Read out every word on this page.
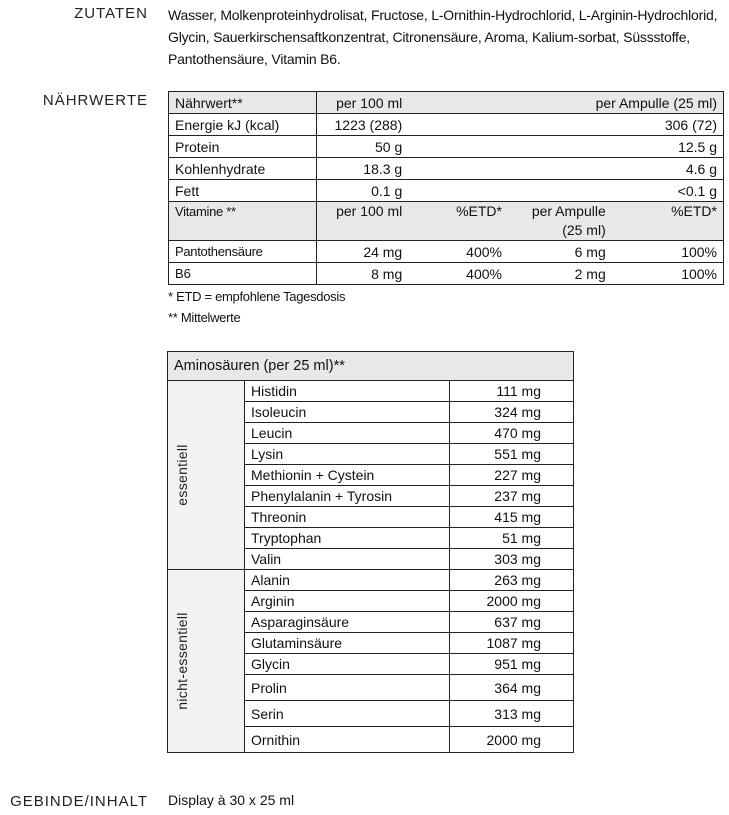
ZUTATEN Wasser, Molkenproteinhydrolisat, Fructose, L-Ornithin-Hydrochlorid, L-Arginin-Hydrochlorid, Glycin, Sauerkirschensaftkonzentrat, Citronensäure, Aroma, Kalium-sorbat, Süssstoffe, Pantothensäure, Vitamin B6.
NÄHRWERTE Nährwert**	per 100 ml	per Ampulle (25 ml)		
Energie kJ (kcal)	1223 (288)	306 (72)		
Protein	50 g	12.5 g		
Kohlenhydrate	18.3 g	4.6 g		
Fett	0.1 g	<0.1 g		
Vitamine **	per 100 ml	%ETD*	per Ampulle (25 ml)	%ETD*
Pantothensäure	24 mg	400%	6 mg	100%
B6	8 mg	400%	2 mg	100%
* ETD = empfohlene Tagesdosis
** Mittelwerte
Aminosäuren (per 25 ml)**		

essentiell	Histidin	111 mg
	Isoleucin	324 mg
	Leucin	470 mg
	Lysin	551 mg
	Methionin + Cystein	227 mg
	Phenylalanin + Tyrosin	237 mg
	Threonin	415 mg
	Tryptophan	51 mg
	Valin	303 mg

nicht-essentiell	Alanin	263 mg
	Arginin	2000 mg
	Asparaginsäure	637 mg
	Glutaminsäure	1087 mg
	Glycin	951 mg
	Prolin	364 mg
	Serin	313 mg
	Ornithin	2000 mg
GEBINDE/INHALT Display à 30 x 25 ml
